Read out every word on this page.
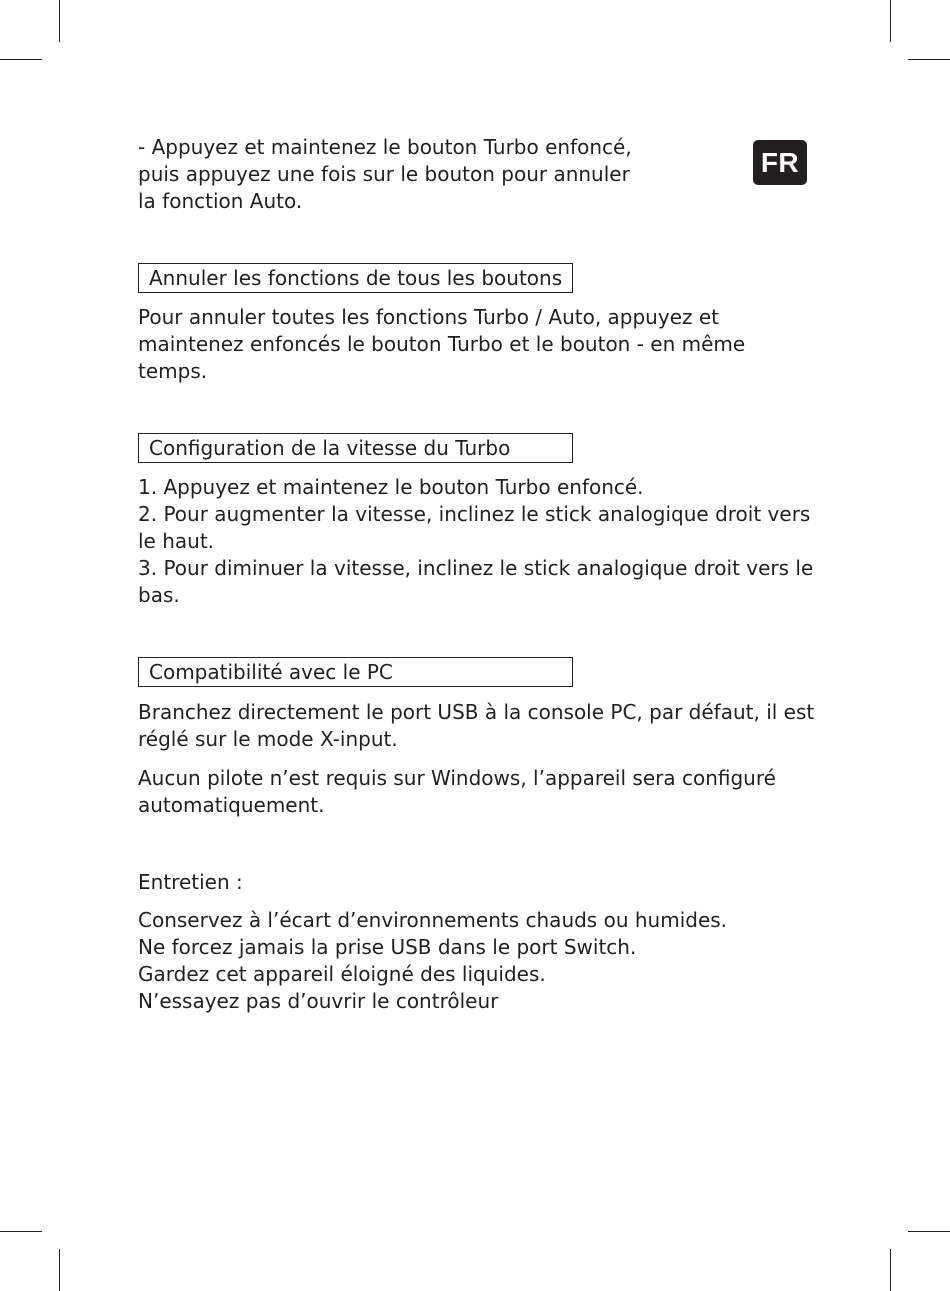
FR

- Appuyez et maintenez le bouton Turbo enfoncé,
puis appuyez une fois sur le bouton pour annuler
la fonction Auto.

Annuler les fonctions de tous les boutons

Pour annuler toutes les fonctions Turbo / Auto, appuyez et
maintenez enfoncés le bouton Turbo et le bouton - en même
temps.

Configuration de la vitesse du Turbo

1. Appuyez et maintenez le bouton Turbo enfoncé.
2. Pour augmenter la vitesse, inclinez le stick analogique droit vers
le haut.
3. Pour diminuer la vitesse, inclinez le stick analogique droit vers le
bas.

Compatibilité avec le PC

Branchez directement le port USB à la console PC, par défaut, il est
réglé sur le mode X-input.

Aucun pilote n’est requis sur Windows, l’appareil sera configuré
automatiquement.

Entretien :

Conservez à l’écart d’environnements chauds ou humides.
Ne forcez jamais la prise USB dans le port Switch.
Gardez cet appareil éloigné des liquides.
N’essayez pas d’ouvrir le contrôleur
